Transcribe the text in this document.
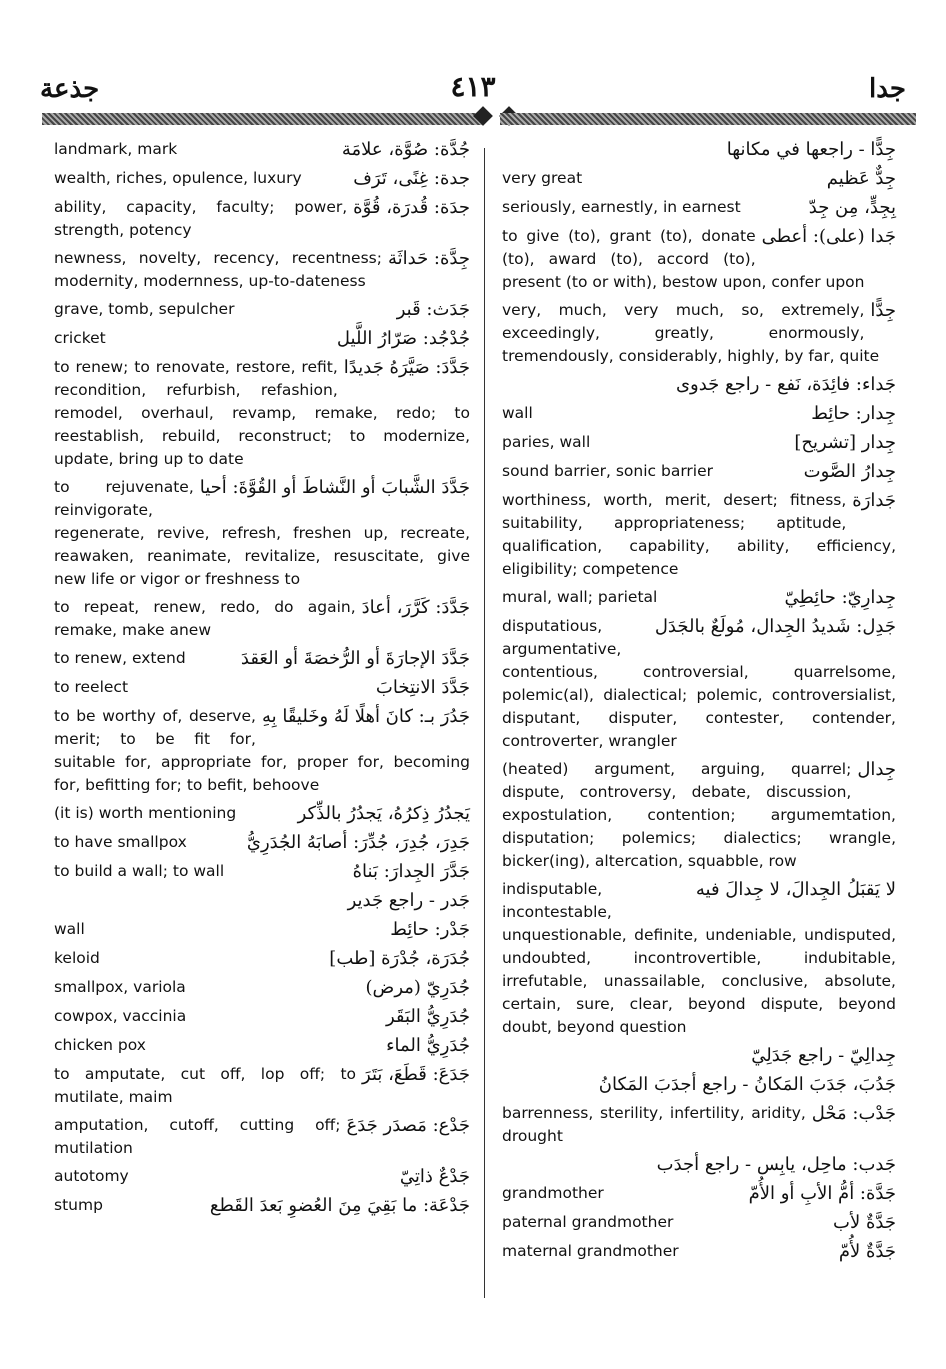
جذعة	٤١٣	جدا
جُدَّة: صُوَّة، علامَة
landmark, mark
جدة: غِنًى، تَرَف
wealth, riches, opulence, luxury
جدَة: قُدرَة، قُوَّة
ability, capacity, faculty; power, strength, potency
جِدَّة: حَداثَة
newness, novelty, recency, recentness; modernity, modernness, up-to-dateness
جَدَث: قَبر
grave, tomb, sepulcher
جُدْجُد: صَرّارُ اللَّيل
cricket
جَدَّدَ: صَيَّرَهُ جَديدًا
to renew; to renovate, restore, refit, recondition, refurbish, refashion, remodel, overhaul, revamp, remake, redo; to reestablish, rebuild, reconstruct; to modernize, update, bring up to date
جَدَّدَ الشَّبابَ أو النَّشاطَ أو القُوَّةَ: أحيا
to rejuvenate, reinvigorate, regenerate, revive, refresh, freshen up, recreate, reawaken, reanimate, revitalize, resuscitate, give new life or vigor or freshness to
جَدَّدَ: كَرَّرَ، أعادَ
to repeat, renew, redo, do again, remake, make anew
جَدَّدَ الإجارَةَ أو الرُّخصَةَ أو العَقدَ
to renew, extend
جَدَّدَ الانتِخابَ
to reelect
جَدُرَ بـ: كانَ أهلًا لَهُ وخَليقًا بِهِ
to be worthy of, deserve, merit; to be fit for, suitable for, appropriate for, proper for, becoming for, befitting for; to befit, behoove
يَجدُرُ ذِكرُهُ، يَجدُرُ بالذِّكر
(it is) worth mentioning
جَدِرَ، جُدِرَ، جُدِّرَ: أصابَهُ الجُدَرِيُّ
to have smallpox
جَدَّرَ الجِدارَ: بَناهُ
to build a wall; to wall
جَدر - راجع جَدير
جَدْر: حائِط
wall
جُدَرَة، جُدْرَة [طب]
keloid
جُدَرِيّ (مرض)
smallpox, variola
جُدَرِيُّ البَقَر
cowpox, vaccinia
جُدَرِيُّ الماء
chicken pox
جَدَعَ: قَطَعَ، بَتَرَ
to amputate, cut off, lop off; to mutilate, maim
جَدْع: مَصدَر جَدَعَ
amputation, cutoff, cutting off; mutilation
جَدْعٌ ذاتِيّ
autotomy
جَدْعَة: ما بَقِيَ مِنَ العُضوِ بَعدَ القَطع
stump
جِدًّا - راجعها في مكانها
جِدٌّ عَظيم
very great
بِجِدٍّ، مِن جِدّ
seriously, earnestly, in earnest
جَدا (على): أعطى
to give (to), grant (to), donate (to), award (to), accord (to), present (to or with), bestow upon, confer upon
جِدًّا
very, much, very much, so, extremely, exceedingly, greatly, enormously, tremendously, considerably, highly, by far, quite
جَداء: فائِدَة، نَفع - راجع جَدوى
جِدار: حائِط
wall
جِدار [تشريح]
paries, wall
جِدارُ الصَّوت
sound barrier, sonic barrier
جَدارَة
worthiness, worth, merit, desert; fitness, suitability, appropriateness; aptitude, qualification, capability, ability, efficiency, eligibility; competence
جِدارِيّ: حائِطِيّ
mural, wall; parietal
جَدِل: شَديدُ الجِدال، مُولَعٌ بالجَدَل
disputatious, argumentative, contentious, controversial, quarrelsome, polemic(al), dialectical; polemic, controversialist, disputant, disputer, contester, contender, controverter, wrangler
جِدال
(heated) argument, arguing, quarrel; dispute, controversy, debate, discussion, expostulation, contention; argumemtation, disputation; polemics; dialectics; wrangle, bicker(ing), altercation, squabble, row
لا يَقبَلُ الجِدالَ، لا جِدالَ فيه
indisputable, incontestable, unquestionable, definite, undeniable, undisputed, undoubted, incontrovertible, indubitable, irrefutable, unassailable, conclusive, absolute, certain, sure, clear, beyond dispute, beyond doubt, beyond question
جِدالِيّ - راجع جَدَلِيّ
جَدُبَ، جَدَبَ المَكانُ - راجع أجدَبَ المَكانُ
جَدْب: مَحْل
barrenness, sterility, infertility, aridity, drought
جَدب: ماحِل، يابِس - راجع أجدَب
جَدَّة: أمُّ الأبِ أو الأُمّ
grandmother
جَدَّةٌ لأب
paternal grandmother
جَدَّةٌ لأُمّ
maternal grandmother
